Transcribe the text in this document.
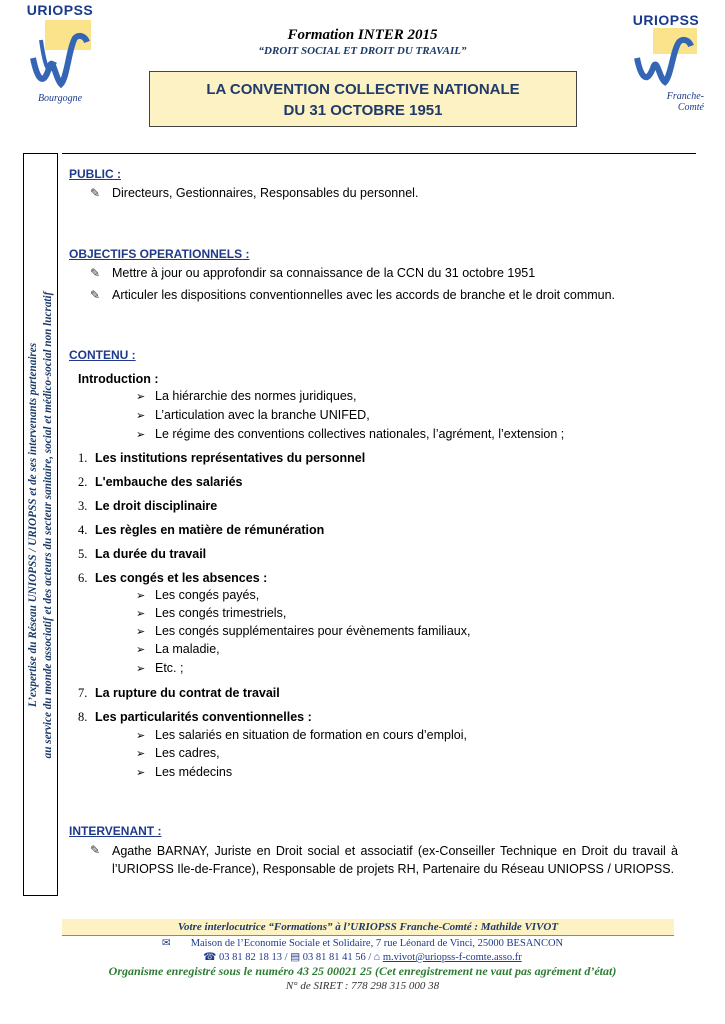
URIOPSS
Bourgogne
URIOPSS
Franche-
Comté
Formation INTER 2015
“DROIT SOCIAL ET DROIT DU TRAVAIL”
LA CONVENTION COLLECTIVE NATIONALE
DU 31 OCTOBRE 1951
L’expertise du Réseau UNIOPSS / URIOPSS et de ses intervenants partenaires au service du monde associatif et des acteurs du secteur sanitaire, social et médico-social non lucratif
PUBLIC :
✎ Directeurs, Gestionnaires, Responsables du personnel.
OBJECTIFS OPERATIONNELS :
✎ Mettre à jour ou approfondir sa connaissance de la CCN du 31 octobre 1951
✎ Articuler les dispositions conventionnelles avec les accords de branche et le droit commun.
CONTENU :
Introduction :
➢ La hiérarchie des normes juridiques,
➢ L’articulation avec la branche UNIFED,
➢ Le régime des conventions collectives nationales, l’agrément, l’extension ;
1. Les institutions représentatives du personnel
2. L'embauche des salariés
3. Le droit disciplinaire
4. Les règles en matière de rémunération
5. La durée du travail
6. Les congés et les absences :
➢ Les congés payés,
➢ Les congés trimestriels,
➢ Les congés supplémentaires pour évènements familiaux,
➢ La maladie,
➢ Etc. ;
7. La rupture du contrat de travail
8. Les particularités conventionnelles :
➢ Les salariés en situation de formation en cours d’emploi,
➢ Les cadres,
➢ Les médecins
INTERVENANT :
✎ Agathe BARNAY, Juriste en Droit social et associatif (ex-Conseiller Technique en Droit du travail à l’URIOPSS Ile-de-France), Responsable de projets RH, Partenaire du Réseau UNIOPSS / URIOPSS.
Votre interlocutrice “Formations” à l’URIOPSS Franche-Comté : Mathilde VIVOT
✉ Maison de l’Economie Sociale et Solidaire, 7 rue Léonard de Vinci, 25000 BESANCON
☎ 03 81 82 18 13 / ▤ 03 81 81 41 56 / ⌂ m.vivot@uriopss-f-comte.asso.fr
Organisme enregistré sous le numéro 43 25 00021 25 (Cet enregistrement ne vaut pas agrément d’état)
N° de SIRET : 778 298 315 000 38
